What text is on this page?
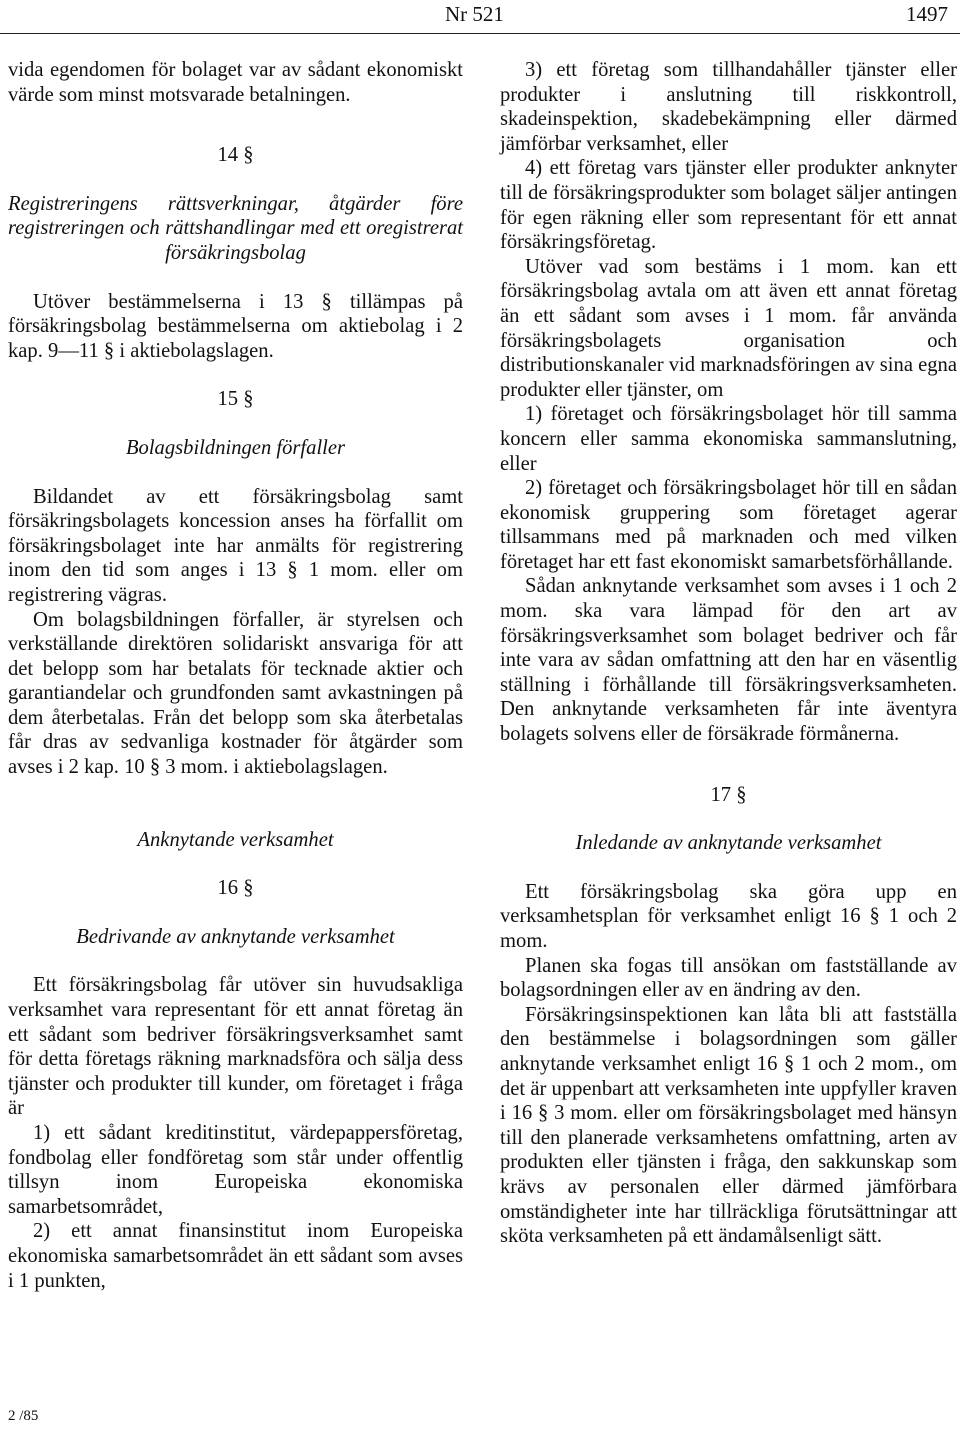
Nr 521	1497

vida egendomen för bolaget var av sådant ekonomiskt värde som minst motsvarade betalningen.

14 §

Registreringens rättsverkningar, åtgärder före registreringen och rättshandlingar med ett oregistrerat försäkringsbolag

Utöver bestämmelserna i 13 § tillämpas på försäkringsbolag bestämmelserna om aktiebolag i 2 kap. 9—11 § i aktiebolagslagen.

15 §

Bolagsbildningen förfaller

Bildandet av ett försäkringsbolag samt försäkringsbolagets koncession anses ha förfallit om försäkringsbolaget inte har anmälts för registrering inom den tid som anges i 13 § 1 mom. eller om registrering vägras.

Om bolagsbildningen förfaller, är styrelsen och verkställande direktören solidariskt ansvariga för att det belopp som har betalats för tecknade aktier och garantiandelar och grundfonden samt avkastningen på dem återbetalas. Från det belopp som ska återbetalas får dras av sedvanliga kostnader för åtgärder som avses i 2 kap. 10 § 3 mom. i aktiebolagslagen.

Anknytande verksamhet

16 §

Bedrivande av anknytande verksamhet

Ett försäkringsbolag får utöver sin huvudsakliga verksamhet vara representant för ett annat företag än ett sådant som bedriver försäkringsverksamhet samt för detta företags räkning marknadsföra och sälja dess tjänster och produkter till kunder, om företaget i fråga är

1) ett sådant kreditinstitut, värdepappersföretag, fondbolag eller fondföretag som står under offentlig tillsyn inom Europeiska ekonomiska samarbetsområdet,

2) ett annat finansinstitut inom Europeiska ekonomiska samarbetsområdet än ett sådant som avses i 1 punkten,

3) ett företag som tillhandahåller tjänster eller produkter i anslutning till riskkontroll, skadeinspektion, skadebekämpning eller därmed jämförbar verksamhet, eller

4) ett företag vars tjänster eller produkter anknyter till de försäkringsprodukter som bolaget säljer antingen för egen räkning eller som representant för ett annat försäkringsföretag.

Utöver vad som bestäms i 1 mom. kan ett försäkringsbolag avtala om att även ett annat företag än ett sådant som avses i 1 mom. får använda försäkringsbolagets organisation och distributionskanaler vid marknadsföringen av sina egna produkter eller tjänster, om

1) företaget och försäkringsbolaget hör till samma koncern eller samma ekonomiska sammanslutning, eller

2) företaget och försäkringsbolaget hör till en sådan ekonomisk gruppering som företaget agerar tillsammans med på marknaden och med vilken företaget har ett fast ekonomiskt samarbetsförhållande.

Sådan anknytande verksamhet som avses i 1 och 2 mom. ska vara lämpad för den art av försäkringsverksamhet som bolaget bedriver och får inte vara av sådan omfattning att den har en väsentlig ställning i förhållande till försäkringsverksamheten. Den anknytande verksamheten får inte äventyra bolagets solvens eller de försäkrade förmånerna.

17 §

Inledande av anknytande verksamhet

Ett försäkringsbolag ska göra upp en verksamhetsplan för verksamhet enligt 16 § 1 och 2 mom.

Planen ska fogas till ansökan om fastställande av bolagsordningen eller av en ändring av den.

Försäkringsinspektionen kan låta bli att fastställa den bestämmelse i bolagsordningen som gäller anknytande verksamhet enligt 16 § 1 och 2 mom., om det är uppenbart att verksamheten inte uppfyller kraven i 16 § 3 mom. eller om försäkringsbolaget med hänsyn till den planerade verksamhetens omfattning, arten av produkten eller tjänsten i fråga, den sakkunskap som krävs av personalen eller därmed jämförbara omständigheter inte har tillräckliga förutsättningar att sköta verksamheten på ett ändamålsenligt sätt.

2 /85
